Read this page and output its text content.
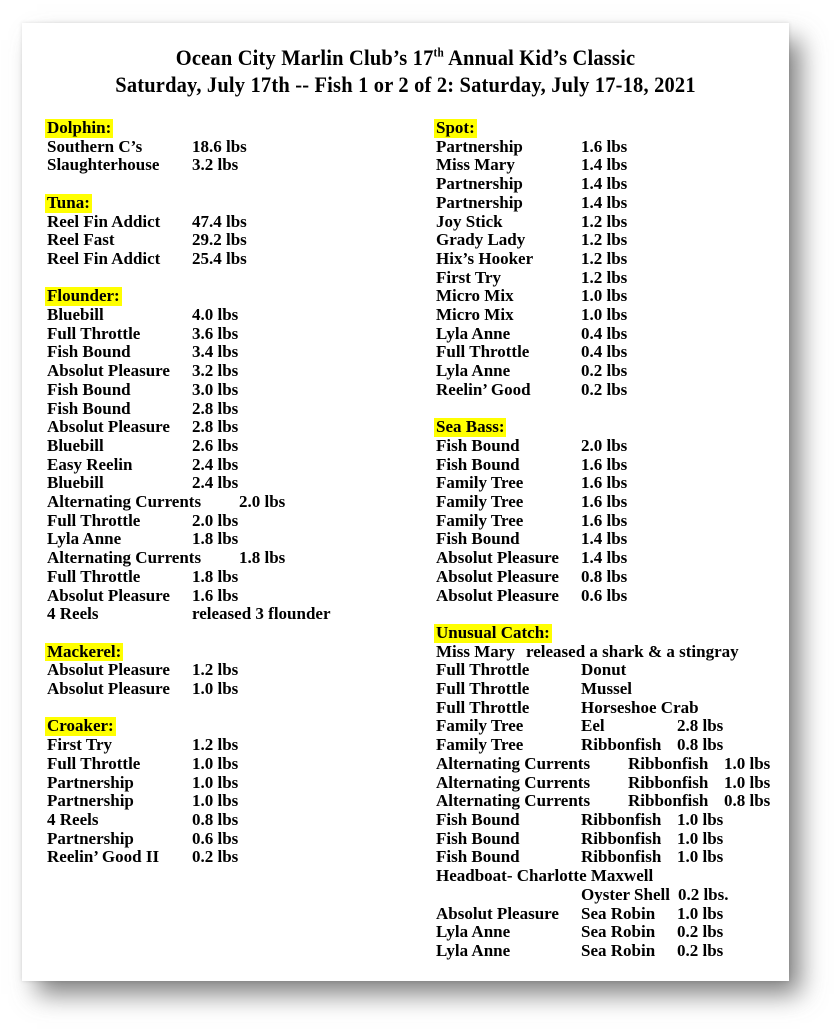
Ocean City Marlin Club’s 17th Annual Kid’s Classic
Saturday, July 17th -- Fish 1 or 2 of 2: Saturday, July 17-18, 2021
Dolphin:
Southern C’s	18.6 lbs
Slaughterhouse 3.2 lbs
Tuna:
Reel Fin Addict 47.4 lbs
Reel Fast	29.2 lbs
Reel Fin Addict 25.4 lbs
Flounder:
Bluebill	4.0 lbs
Full Throttle	3.6 lbs
Fish Bound	3.4 lbs
Absolut Pleasure 3.2 lbs
Fish Bound	3.0 lbs
Fish Bound	2.8 lbs
Absolut Pleasure 2.8 lbs
Bluebill	2.6 lbs
Easy Reelin	2.4 lbs
Bluebill	2.4 lbs
Alternating Currents 2.0 lbs
Full Throttle	2.0 lbs
Lyla Anne	1.8 lbs
Alternating Currents 1.8 lbs
Full Throttle	1.8 lbs
Absolut Pleasure 1.6 lbs
4 Reels	released 3 flounder
Mackerel:
Absolut Pleasure 1.2 lbs
Absolut Pleasure 1.0 lbs
Croaker:
First Try	1.2 lbs
Full Throttle	1.0 lbs
Partnership	1.0 lbs
Partnership	1.0 lbs
4 Reels	0.8 lbs
Partnership	0.6 lbs
Reelin’ Good II 0.2 lbs
Spot:
Partnership	1.6 lbs
Miss Mary	1.4 lbs
Partnership	1.4 lbs
Partnership	1.4 lbs
Joy Stick	1.2 lbs
Grady Lady	1.2 lbs
Hix’s Hooker	1.2 lbs
First Try	1.2 lbs
Micro Mix	1.0 lbs
Micro Mix	1.0 lbs
Lyla Anne	0.4 lbs
Full Throttle	0.4 lbs
Lyla Anne	0.2 lbs
Reelin’ Good	0.2 lbs
Sea Bass:
Fish Bound	2.0 lbs
Fish Bound	1.6 lbs
Family Tree	1.6 lbs
Family Tree	1.6 lbs
Family Tree	1.6 lbs
Fish Bound	1.4 lbs
Absolut Pleasure 1.4 lbs
Absolut Pleasure 0.8 lbs
Absolut Pleasure 0.6 lbs
Unusual Catch:
Miss Mary released a shark & a stingray
Full Throttle	Donut
Full Throttle	Mussel
Full Throttle	Horseshoe Crab
Family Tree	Eel	2.8 lbs
Family Tree	Ribbonfish 0.8 lbs
Alternating Currents Ribbonfish 1.0 lbs
Alternating Currents Ribbonfish 1.0 lbs
Alternating Currents Ribbonfish 0.8 lbs
Fish Bound	Ribbonfish 1.0 lbs
Fish Bound	Ribbonfish 1.0 lbs
Fish Bound	Ribbonfish 1.0 lbs
Headboat- Charlotte Maxwell
Oyster Shell 0.2 lbs.
Absolut Pleasure Sea Robin 1.0 lbs
Lyla Anne	Sea Robin 0.2 lbs
Lyla Anne	Sea Robin 0.2 lbs
